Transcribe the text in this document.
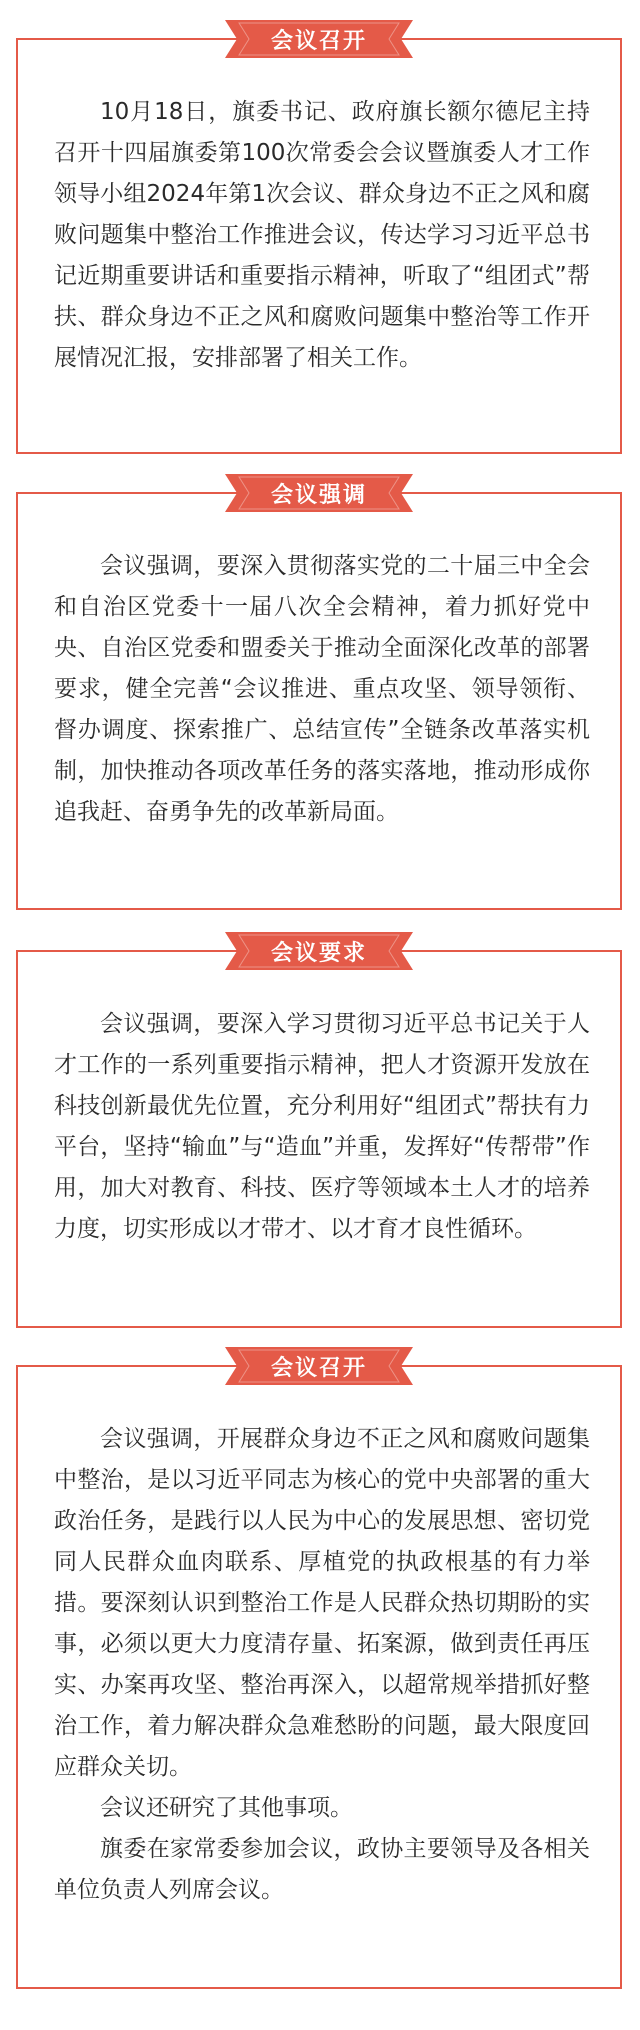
会议召开

10月18日，旗委书记、政府旗长额尔德尼主持召开十四届旗委第100次常委会会议暨旗委人才工作领导小组2024年第1次会议、群众身边不正之风和腐败问题集中整治工作推进会议，传达学习习近平总书记近期重要讲话和重要指示精神，听取了“组团式”帮扶、群众身边不正之风和腐败问题集中整治等工作开展情况汇报，安排部署了相关工作。

会议强调

会议强调，要深入贯彻落实党的二十届三中全会和自治区党委十一届八次全会精神，着力抓好党中央、自治区党委和盟委关于推动全面深化改革的部署要求，健全完善“会议推进、重点攻坚、领导领衔、督办调度、探索推广、总结宣传”全链条改革落实机制，加快推动各项改革任务的落实落地，推动形成你追我赶、奋勇争先的改革新局面。

会议要求

会议强调，要深入学习贯彻习近平总书记关于人才工作的一系列重要指示精神，把人才资源开发放在科技创新最优先位置，充分利用好“组团式”帮扶有力平台，坚持“输血”与“造血”并重，发挥好“传帮带”作用，加大对教育、科技、医疗等领域本土人才的培养力度，切实形成以才带才、以才育才良性循环。

会议召开

会议强调，开展群众身边不正之风和腐败问题集中整治，是以习近平同志为核心的党中央部署的重大政治任务，是践行以人民为中心的发展思想、密切党同人民群众血肉联系、厚植党的执政根基的有力举措。要深刻认识到整治工作是人民群众热切期盼的实事，必须以更大力度清存量、拓案源，做到责任再压实、办案再攻坚、整治再深入，以超常规举措抓好整治工作，着力解决群众急难愁盼的问题，最大限度回应群众关切。

会议还研究了其他事项。

旗委在家常委参加会议，政协主要领导及各相关单位负责人列席会议。
